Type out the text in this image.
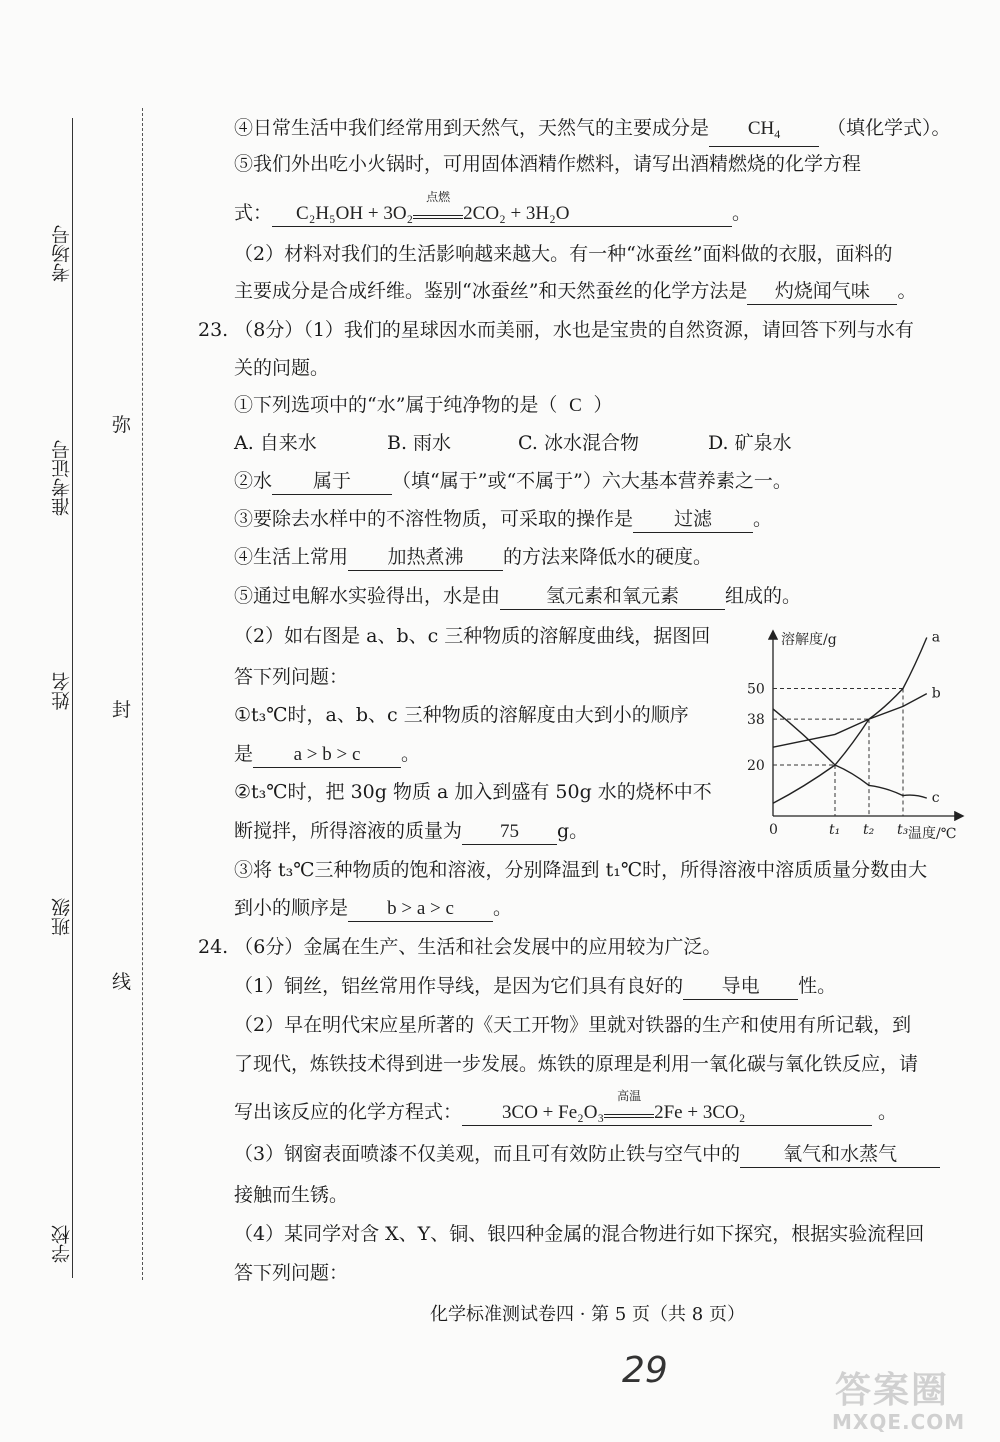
考场号
准考证号
姓名
班级
学校
弥
封
线
④日常生活中我们经常用到天然气，天然气的主要成分是 $CH_4$ （填化学式）。
⑤我们外出吃小火锅时，可用固体酒精作燃料，请写出酒精燃烧的化学方程
式： C₂H₅OH + 3O₂
点燃
2CO₂ + 3H₂O	。
（2）材料对我们的生活影响越来越大。有一种“冰蚕丝”面料做的衣服，面料的
主要成分是合成纤维。鉴别“冰蚕丝”和天然蚕丝的化学方法是 灼烧闻气味 。
23. （8分）（1）我们的星球因水而美丽，水也是宝贵的自然资源，请回答下列与水有
关的问题。
①下列选项中的“水”属于纯净物的是（ C ）
A. 自来水	B. 雨水	C. 冰水混合物	D. 矿泉水
②水 属于 （填“属于”或“不属于”）六大基本营养素之一。
③要除去水样中的不溶性物质，可采取的操作是 过滤 。
④生活上常用 加热煮沸 的方法来降低水的硬度。
⑤通过电解水实验得出，水是由 氢元素和氧元素 组成的。
（2）如右图是 a、b、c 三种物质的溶解度曲线，据图回
答下列问题：
①t₃℃时，a、b、c 三种物质的溶解度由大到小的顺序
是 a > b > c 。
②t₃℃时，把 30g 物质 a 加入到盛有 50g 水的烧杯中不
断搅拌，所得溶液的质量为 75 g。
③将 t₃℃三种物质的饱和溶液，分别降温到 t₁℃时，所得溶液中溶质质量分数由大
到小的顺序是 b > a > c 。
a
b
c
20
38
50
t₁ t₂ t₃
0
溶解度/g
温度/℃
24. （6分）金属在生产、生活和社会发展中的应用较为广泛。
（1）铜丝，铝丝常用作导线，是因为它们具有良好的 导电 性。
（2）早在明代宋应星所著的《天工开物》里就对铁器的生产和使用有所记载，到
了现代，炼铁技术得到进一步发展。炼铁的原理是利用一氧化碳与氧化铁反应，请
写出该反应的化学方程式： 3CO + Fe₂O₃
高温
2Fe + 3CO₂	。
（3）钢窗表面喷漆不仅美观，而且可有效防止铁与空气中的 氧气和水蒸气
接触而生锈。
（4）某同学对含 X、Y、铜、银四种金属的混合物进行如下探究，根据实验流程回
答下列问题：
化学标准测试卷四 · 第 5 页（共 8 页）
29	答案圈
MXQE.COM
